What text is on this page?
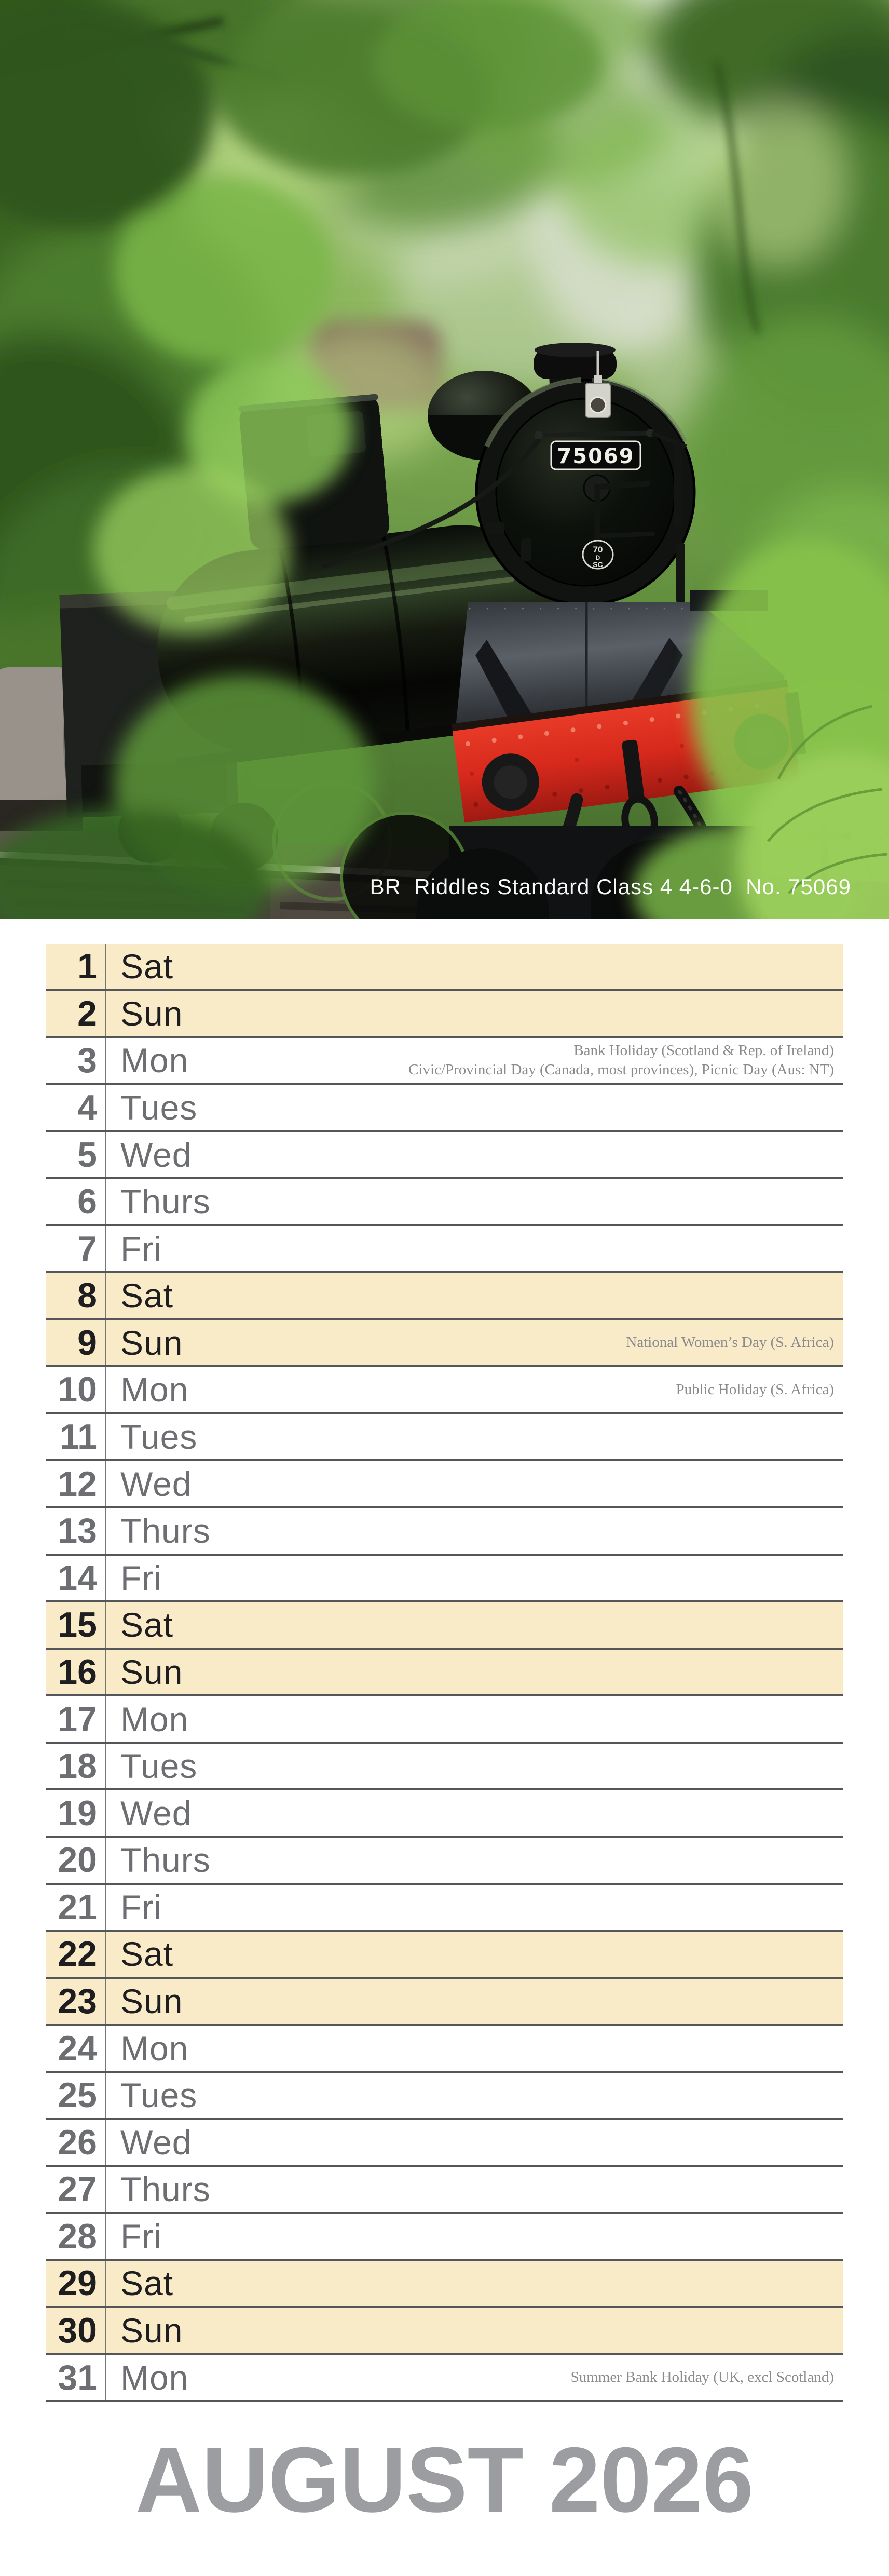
75069
70
D
SC
BR  Riddles Standard Class 4 4-6-0  No. 75069
1 Sat
2 Sun
3 Mon	Bank Holiday (Scotland & Rep. of Ireland)
Civic/Provincial Day (Canada, most provinces), Picnic Day (Aus: NT)
4 Tues
5 Wed
6 Thurs
7 Fri
8 Sat
9 Sun	National Women’s Day (S. Africa)
10 Mon	Public Holiday (S. Africa)
11 Tues
12 Wed
13 Thurs
14 Fri
15 Sat
16 Sun
17 Mon
18 Tues
19 Wed
20 Thurs
21 Fri
22 Sat
23 Sun
24 Mon
25 Tues
26 Wed
27 Thurs
28 Fri
29 Sat
30 Sun
31 Mon	Summer Bank Holiday (UK, excl Scotland)
AUGUST 2026
